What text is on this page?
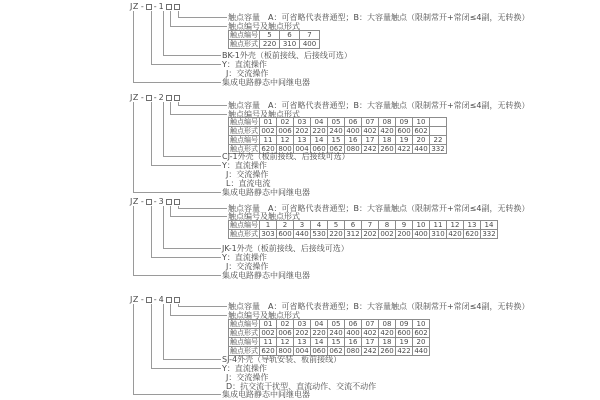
JZ - - 1
触点容量　A：可省略代表普通型；B：大容量触点（限制常开+常闭≤4副，无转换）
触点编号及触点形式
触点编号	5	6	7
触点形式	220	310	400
BK-1外壳（板前接线、后接线可选）
Y：直流操作
J：交流操作
集成电路静态中间继电器
JZ - - 2
触点容量　A：可省略代表普通型；B：大容量触点（限制常开+常闭≤4副，无转换）
触点编号及触点形式
触点编号	01	02	03	04	05	06	07	08	09	10	
触点形式	002	006	202	220	240	400	402	420	600	602	
触点编号	11	12	13	14	15	16	17	18	19	20	22
触点形式	620	800	004	060	062	080	242	260	422	440	332
CJ-1外壳（板前接线、后接线可选）
Y：直流操作
J：交流操作
L：直流电流
集成电路静态中间继电器
JZ - - 3
触点容量　A：可省略代表普通型；B：大容量触点（限制常开+常闭≤4副，无转换）
触点编号及触点形式
触点编号	1	2	3	4	5	6	7	8	9	10	11	12	13	14
触点形式	303	600	440	530	220	312	202	002	200	400	310	420	620	332
JK-1外壳（板前接线、后接线可选）
Y：直流操作
J：交流操作
集成电路静态中间继电器
JZ - - 4
触点容量　A：可省略代表普通型；B：大容量触点（限制常开+常闭≤4副，无转换）
触点编号及触点形式
触点编号	01	02	03	04	05	06	07	08	09	10
触点形式	002	006	202	220	240	400	402	420	600	602
触点编号	11	12	13	14	15	16	17	18	19	20
触点形式	620	800	004	060	062	080	242	260	422	440
SJ-4外壳（导轨安装、板前接线）
Y：直流操作
J：交流操作
D：抗交流干扰型、直流动作、交流不动作
集成电路静态中间继电器
